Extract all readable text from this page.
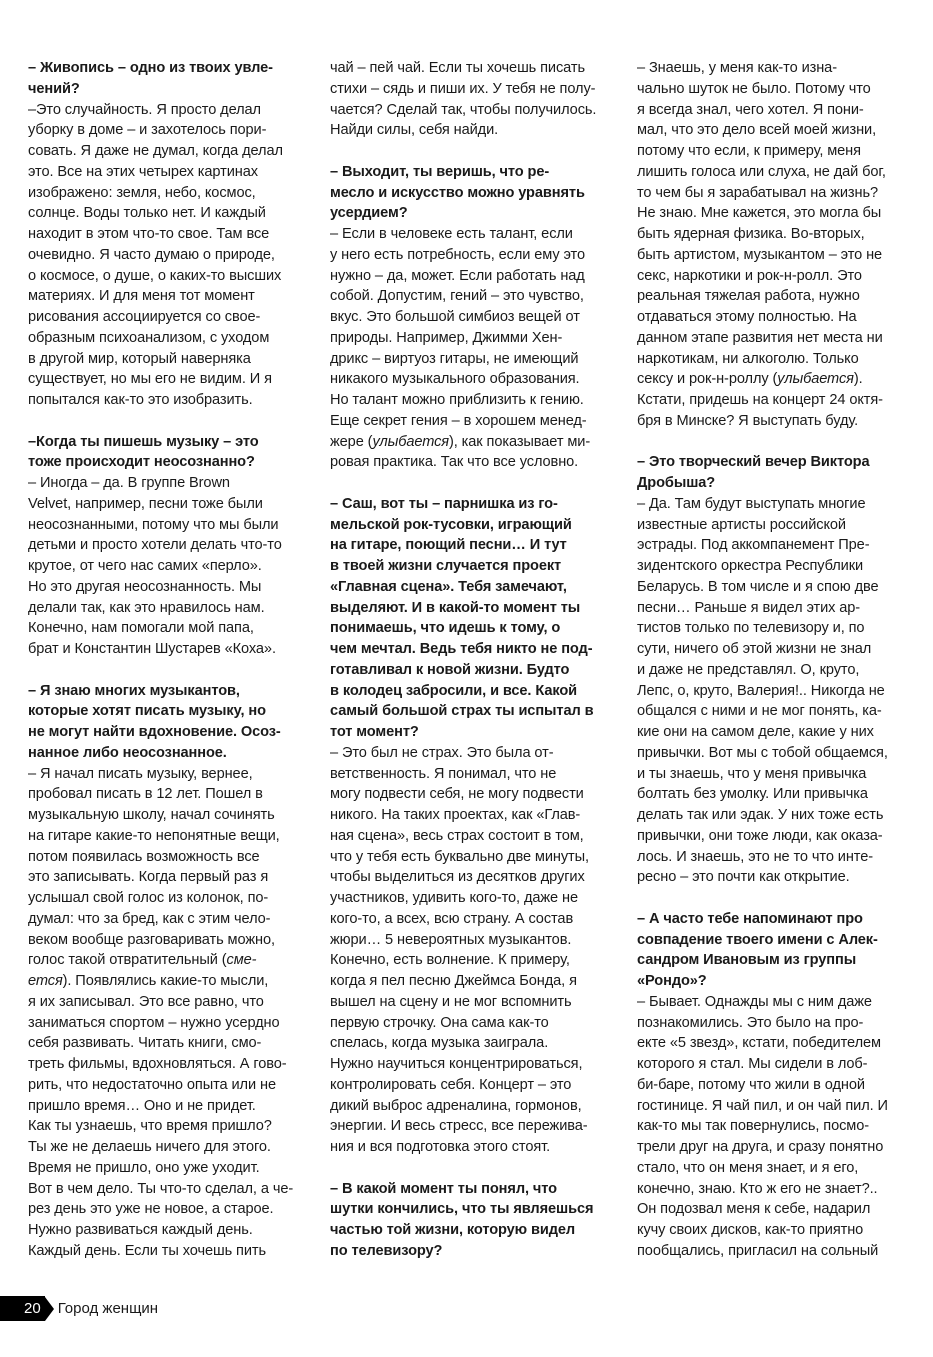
– Живопись – одно из твоих увле-
чений?
–Это случайность. Я просто делал
уборку в доме – и захотелось пори-
совать. Я даже не думал, когда делал
это. Все на этих четырех картинах
изображено: земля, небо, космос,
солнце. Воды только нет. И каждый
находит в этом что-то свое. Там все
очевидно. Я часто думаю о природе,
о космосе, о душе, о каких-то высших
материях. И для меня тот момент
рисования ассоциируется со свое-
образным психоанализом, с уходом
в другой мир, который наверняка
существует, но мы его не видим. И я
попытался как-то это изобразить.
–Когда ты пишешь музыку – это
тоже происходит неосознанно?
– Иногда – да. В группе Brown
Velvet, например, песни тоже были
неосознанными, потому что мы были
детьми и просто хотели делать что-то
крутое, от чего нас самих «перло».
Но это другая неосознанность. Мы
делали так, как это нравилось нам.
Конечно, нам помогали мой папа,
брат и Константин Шустарев «Коха».
– Я знаю многих музыкантов,
которые хотят писать музыку, но
не могут найти вдохновение. Осоз-
нанное либо неосознанное.
– Я начал писать музыку, вернее,
пробовал писать в 12 лет. Пошел в
музыкальную школу, начал сочинять
на гитаре какие-то непонятные вещи,
потом появилась возможность все
это записывать. Когда первый раз я
услышал свой голос из колонок, по-
думал: что за бред, как с этим чело-
веком вообще разговаривать можно,
голос такой отвратительный (сме-
ется). Появлялись какие-то мысли,
я их записывал. Это все равно, что
заниматься спортом – нужно усердно
себя развивать. Читать книги, смо-
треть фильмы, вдохновляться. А гово-
рить, что недостаточно опыта или не
пришло время… Оно и не придет.
Как ты узнаешь, что время пришло?
Ты же не делаешь ничего для этого.
Время не пришло, оно уже уходит.
Вот в чем дело. Ты что-то сделал, а че-
рез день это уже не новое, а старое.
Нужно развиваться каждый день.
Каждый день. Если ты хочешь пить
чай – пей чай. Если ты хочешь писать
стихи – сядь и пиши их. У тебя не полу-
чается? Сделай так, чтобы получилось.
Найди силы, себя найди.
– Выходит, ты веришь, что ре-
месло и искусство можно уравнять
усердием?
– Если в человеке есть талант, если
у него есть потребность, если ему это
нужно – да, может. Если работать над
собой. Допустим, гений – это чувство,
вкус. Это большой симбиоз вещей от
природы. Например, Джимми Хен-
дрикс – виртуоз гитары, не имеющий
никакого музыкального образования.
Но талант можно приблизить к гению.
Еще секрет гения – в хорошем менед-
жере (улыбается), как показывает ми-
ровая практика. Так что все условно.
– Саш, вот ты – парнишка из го-
мельской рок-тусовки, играющий
на гитаре, поющий песни… И тут
в твоей жизни случается проект
«Главная сцена». Тебя замечают,
выделяют. И в какой-то момент ты
понимаешь, что идешь к тому, о
чем мечтал. Ведь тебя никто не под-
готавливал к новой жизни. Будто
в колодец забросили, и все. Какой
самый большой страх ты испытал в
тот момент?
– Это был не страх. Это была от-
ветственность. Я понимал, что не
могу подвести себя, не могу подвести
никого. На таких проектах, как «Глав-
ная сцена», весь страх состоит в том,
что у тебя есть буквально две минуты,
чтобы выделиться из десятков других
участников, удивить кого-то, даже не
кого-то, а всех, всю страну. А состав
жюри… 5 невероятных музыкантов.
Конечно, есть волнение. К примеру,
когда я пел песню Джеймса Бонда, я
вышел на сцену и не мог вспомнить
первую строчку. Она сама как-то
спелась, когда музыка заиграла.
Нужно научиться концентрироваться,
контролировать себя. Концерт – это
дикий выброс адреналина, гормонов,
энергии. И весь стресс, все пережива-
ния и вся подготовка этого стоят.
– В какой момент ты понял, что
шутки кончились, что ты являешься
частью той жизни, которую видел
по телевизору?
– Знаешь, у меня как-то изна-
чально шуток не было. Потому что
я всегда знал, чего хотел. Я пони-
мал, что это дело всей моей жизни,
потому что если, к примеру, меня
лишить голоса или слуха, не дай бог,
то чем бы я зарабатывал на жизнь?
Не знаю. Мне кажется, это могла бы
быть ядерная физика. Во-вторых,
быть артистом, музыкантом – это не
секс, наркотики и рок-н-ролл. Это
реальная тяжелая работа, нужно
отдаваться этому полностью. На
данном этапе развития нет места ни
наркотикам, ни алкоголю. Только
сексу и рок-н-роллу (улыбается).
Кстати, придешь на концерт 24 октя-
бря в Минске? Я выступать буду.
– Это творческий вечер Виктора
Дробыша?
– Да. Там будут выступать многие
известные артисты российской
эстрады. Под аккомпанемент Пре-
зидентского оркестра Республики
Беларусь. В том числе и я спою две
песни… Раньше я видел этих ар-
тистов только по телевизору и, по
сути, ничего об этой жизни не знал
и даже не представлял. О, круто,
Лепс, о, круто, Валерия!.. Никогда не
общался с ними и не мог понять, ка-
кие они на самом деле, какие у них
привычки. Вот мы с тобой общаемся,
и ты знаешь, что у меня привычка
болтать без умолку. Или привычка
делать так или эдак. У них тоже есть
привычки, они тоже люди, как оказа-
лось. И знаешь, это не то что инте-
ресно – это почти как открытие.
– А часто тебе напоминают про
совпадение твоего имени с Алек-
сандром Ивановым из группы
«Рондо»?
– Бывает. Однажды мы с ним даже
познакомились. Это было на про-
екте «5 звезд», кстати, победителем
которого я стал. Мы сидели в лоб-
би-баре, потому что жили в одной
гостинице. Я чай пил, и он чай пил. И
как-то мы так повернулись, посмо-
трели друг на друга, и сразу понятно
стало, что он меня знает, и я его,
конечно, знаю. Кто ж его не знает?..
Он подозвал меня к себе, надарил
кучу своих дисков, как-то приятно
пообщались, пригласил на сольный
20 Город женщин
